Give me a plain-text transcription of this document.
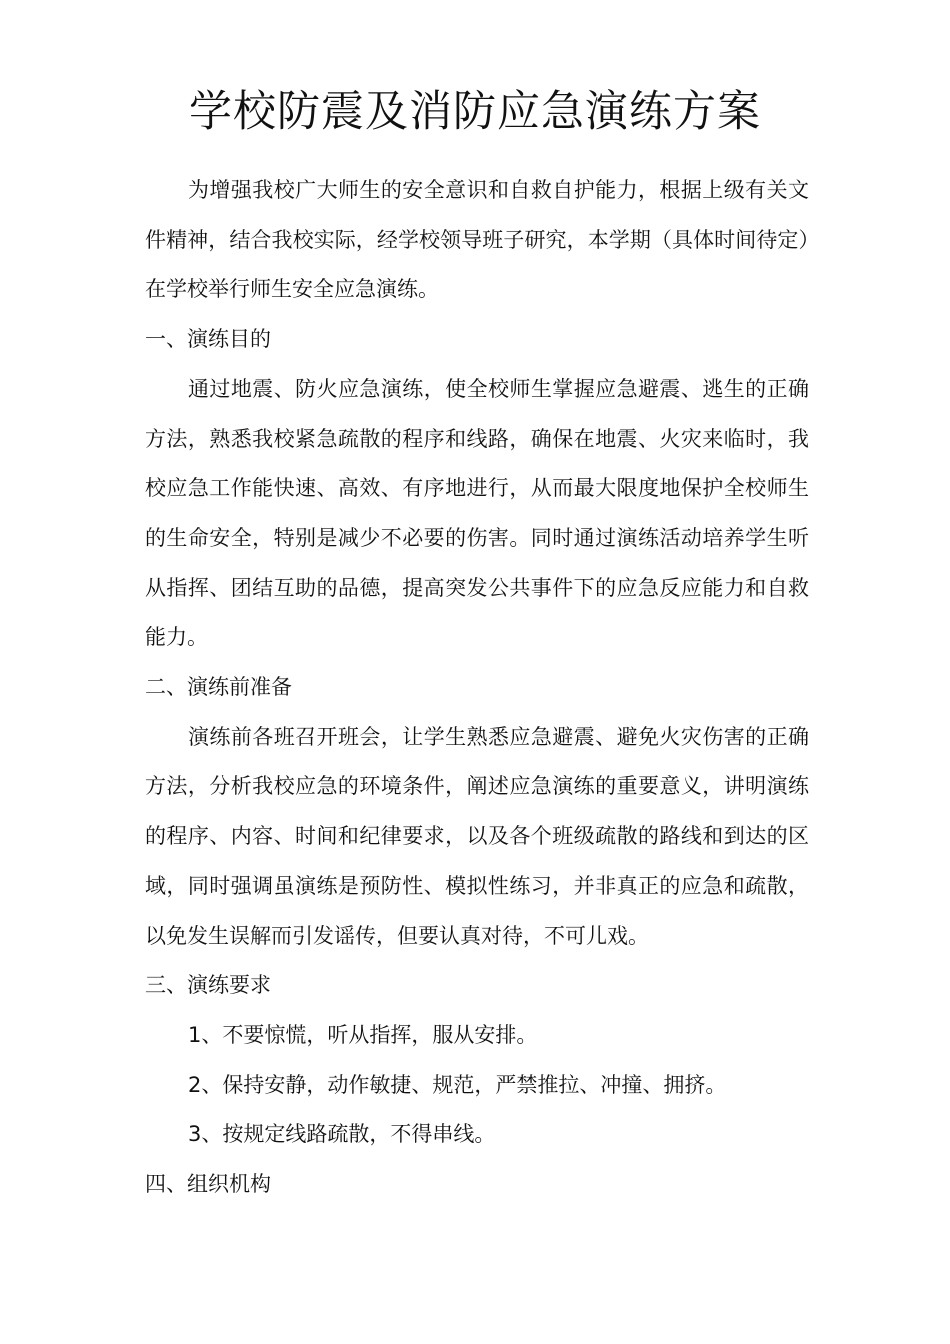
学校防震及消防应急演练方案

为增强我校广大师生的安全意识和自救自护能力，根据上级有关文件精神，结合我校实际，经学校领导班子研究，本学期（具体时间待定）在学校举行师生安全应急演练。

一、演练目的

通过地震、防火应急演练，使全校师生掌握应急避震、逃生的正确方法，熟悉我校紧急疏散的程序和线路，确保在地震、火灾来临时，我校应急工作能快速、高效、有序地进行，从而最大限度地保护全校师生的生命安全，特别是减少不必要的伤害。同时通过演练活动培养学生听从指挥、团结互助的品德，提高突发公共事件下的应急反应能力和自救能力。

二、演练前准备

演练前各班召开班会，让学生熟悉应急避震、避免火灾伤害的正确方法，分析我校应急的环境条件，阐述应急演练的重要意义，讲明演练的程序、内容、时间和纪律要求，以及各个班级疏散的路线和到达的区域，同时强调虽演练是预防性、模拟性练习，并非真正的应急和疏散，以免发生误解而引发谣传，但要认真对待，不可儿戏。

三、演练要求

1、不要惊慌，听从指挥，服从安排。

2、保持安静，动作敏捷、规范，严禁推拉、冲撞、拥挤。

3、按规定线路疏散，不得串线。

四、组织机构
